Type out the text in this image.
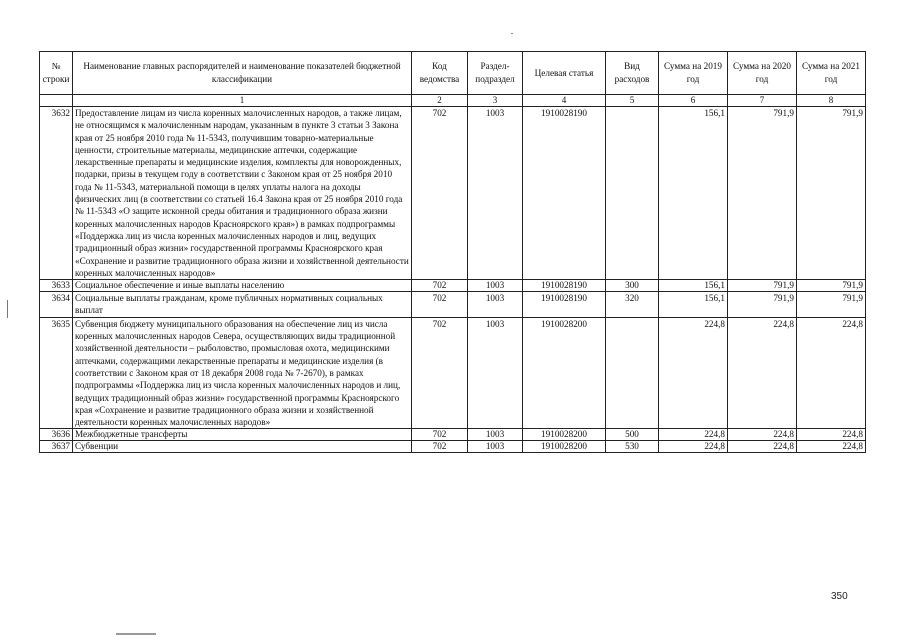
№ строки	Наименование главных распорядителей и наименование показателей бюджетной классификации	Код ведомства	Раздел-подраздел	Целевая статья	Вид расходов	Сумма на 2019 год	Сумма на 2020 год	Сумма на 2021 год
	1	2	3	4	5	6	7	8
3632	Предоставление лицам из числа коренных малочисленных народов, а также лицам, не относящимся к малочисленным народам, указанным в пункте 3 статьи 3 Закона края от 25 ноября 2010 года № 11-5343, получившим товарно-материальные ценности, строительные материалы, медицинские аптечки, содержащие лекарственные препараты и медицинские изделия, комплекты для новорожденных, подарки, призы в текущем году в соответствии с Законом края от 25 ноября 2010 года № 11-5343, материальной помощи в целях уплаты налога на доходы физических лиц (в соответствии со статьей 16.4 Закона края от 25 ноября 2010 года № 11-5343 «О защите исконной среды обитания и традиционного образа жизни коренных малочисленных народов Красноярского края») в рамках подпрограммы «Поддержка лиц из числа коренных малочисленных народов и лиц, ведущих традиционный образ жизни» государственной программы Красноярского края «Сохранение и развитие традиционного образа жизни и хозяйственной деятельности коренных малочисленных народов»	702	1003	1910028190		156,1	791,9	791,9
3633	Социальное обеспечение и иные выплаты населению	702	1003	1910028190	300	156,1	791,9	791,9
3634	Социальные выплаты гражданам, кроме публичных нормативных социальных выплат	702	1003	1910028190	320	156,1	791,9	791,9
3635	Субвенция бюджету муниципального образования на обеспечение лиц из числа коренных малочисленных народов Севера, осуществляющих виды традиционной хозяйственной деятельности – рыболовство, промысловая охота, медицинскими аптечками, содержащими лекарственные препараты и медицинские изделия (в соответствии с Законом края от 18 декабря 2008 года № 7-2670), в рамках подпрограммы «Поддержка лиц из числа коренных малочисленных народов и лиц, ведущих традиционный образ жизни» государственной программы Красноярского края «Сохранение и развитие традиционного образа жизни и хозяйственной деятельности коренных малочисленных народов»	702	1003	1910028200		224,8	224,8	224,8
3636	Межбюджетные трансферты	702	1003	1910028200	500	224,8	224,8	224,8
3637	Субвенции	702	1003	1910028200	530	224,8	224,8	224,8
350
